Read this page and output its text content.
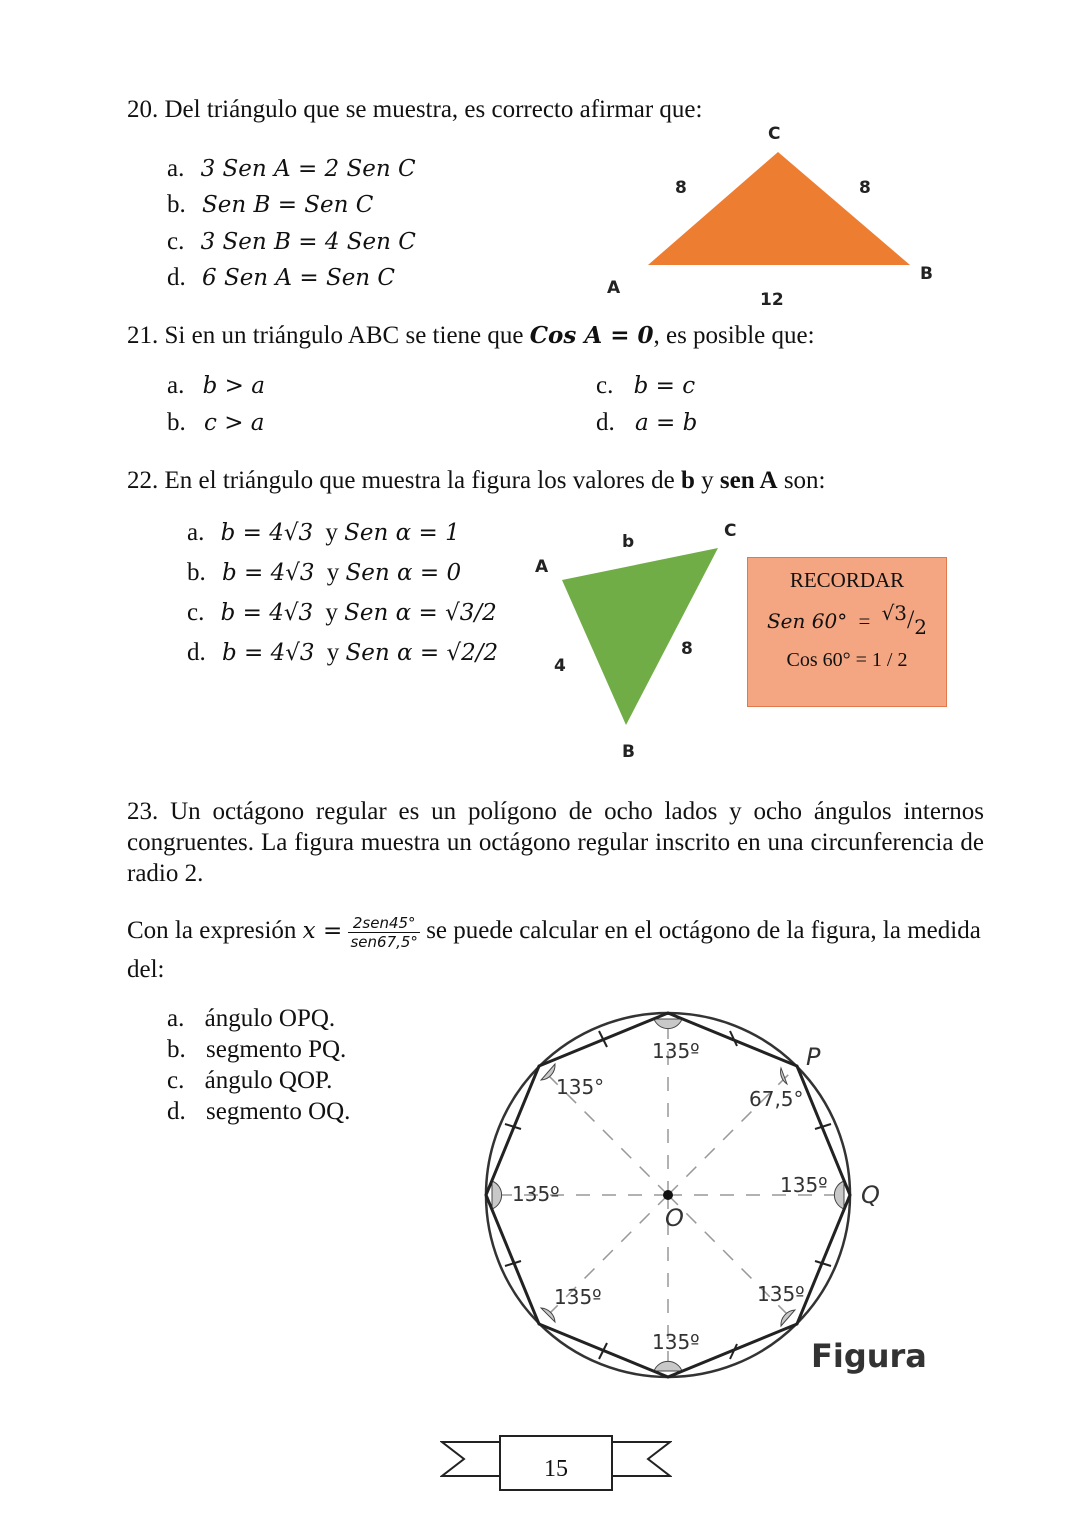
20. Del triángulo que se muestra, es correcto afirmar que:
a. 3 Sen A = 2 Sen C
b. Sen B = Sen C
c. 3 Sen B = 4 Sen C
d. 6 Sen A = Sen C
C
A
B
8	8
12
21. Si en un triángulo ABC se tiene que Cos A = 0, es posible que:
a. b > a
b. c > a
c. b = c
d. a = b
22. En el triángulo que muestra la figura los valores de b y sen A son:
a. b = 4√3 y Sen α = 1
b. b = 4√3 y Sen α = 0
c. b = 4√3 y Sen α = √3/2
d. b = 4√3 y Sen α = √2/2
A
C
B
b
4
8
RECORDAR
Sen 60° = √3/2
Cos 60° = 1 / 2
23. Un octágono regular es un polígono de ocho lados y ocho ángulos internos congruentes. La figura muestra un octágono regular inscrito en una circunferencia de radio 2.
Con la expresión $x = \frac{\text{2sen45°}}{\text{sen67,5°}}$ se puede calcular en el octágono de la figura, la medida del:
a. ángulo OPQ.
b. segmento PQ.
c. ángulo QOP.
d. segmento OQ.
135º
135º
135°
135º	135º
135º	135º
67,5°
P
Q
O
Figura
15
